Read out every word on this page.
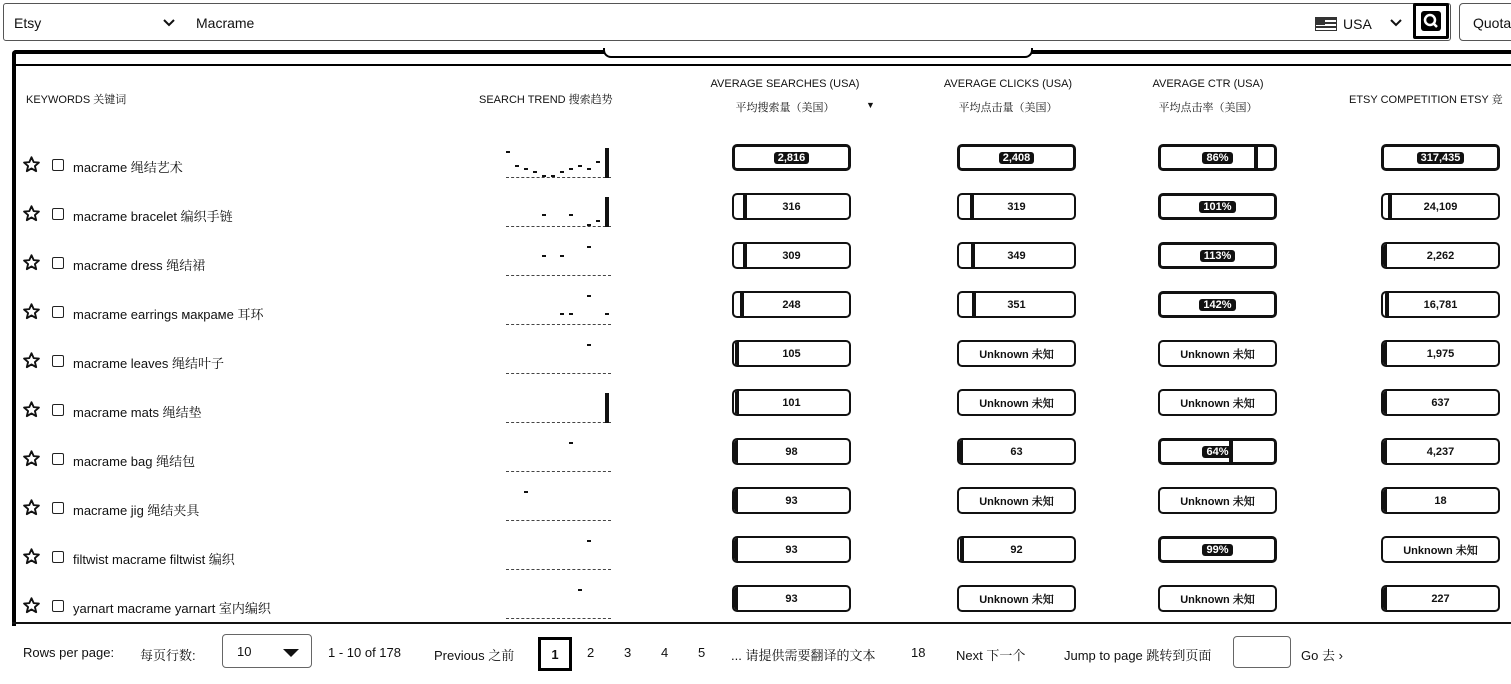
Etsy	Macrame	USA	Quota
KEYWORDS 关键词	SEARCH TREND 搜索趋势
AVERAGE SEARCHES (USA)
平均搜索量（美国）	▼
AVERAGE CLICKS (USA)
平均点击量（美国）
AVERAGE CTR (USA)
平均点击率（美国）
ETSY COMPETITION ETSY 竞
macrame 绳结艺术
2,816	2,408	86%	317,435
macrame bracelet 编织手链
316	319	101%	24,109
macrame dress 绳结裙
309	349	113%	2,262
macrame earrings макраме 耳环
248	351	142%	16,781
macrame leaves 绳结叶子
105	Unknown 未知	Unknown 未知	1,975
macrame mats 绳结垫
101	Unknown 未知	Unknown 未知	637
macrame bag 绳结包
98	63	64%	4,237
macrame jig 绳结夹具
93	Unknown 未知	Unknown 未知	18
filtwist macrame filtwist 编织
93	92	99%	Unknown 未知
yarnart macrame yarnart 室内编织
93	Unknown 未知	Unknown 未知	227
Rows per page: 每页行数:	10	1 - 10 of 178	Previous 之前	1	2 3 4 5 ... 请提供需要翻译的文本	18 Next 下一个	Jump to page 跳转到页面	Go 去 ›
